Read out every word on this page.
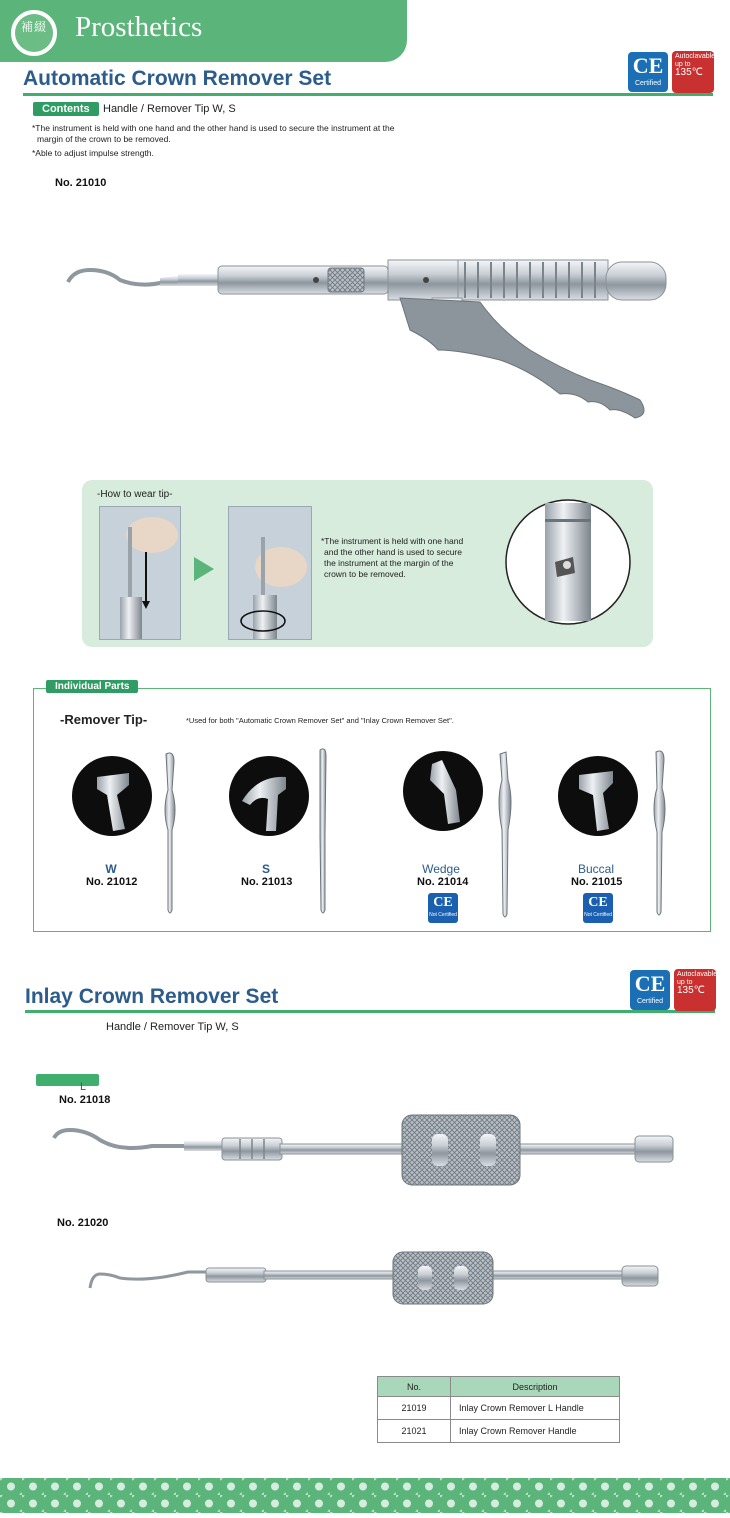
補綴 Prosthetics
Automatic Crown Remover Set
CE
Certified
Autoclavable
up to 135℃
Contents	Handle / Remover Tip W, S
*The instrument is held with one hand and the other hand is used to secure the instrument at the
margin of the crown to be removed.
*Able to adjust impulse strength.
No. 21010
-How to wear tip-
*The instrument is held with one hand
and the other hand is used to secure
the instrument at the margin of the
crown to be removed.
Individual Parts
-Remover Tip-	*Used for both "Automatic Crown Remover Set" and "Inlay Crown Remover Set".
W
No. 21012
S
No. 21013
Wedge
No. 21014
CE
Not Certified
Buccal
No. 21015
CE
Not Certified
Inlay Crown Remover Set
CE
Certified
Autoclavable
up to 135℃
Handle / Remover Tip W, S
L
No. 21018
No. 21020
No.	Description
21019	Inlay Crown Remover L Handle
21021	Inlay Crown Remover Handle
